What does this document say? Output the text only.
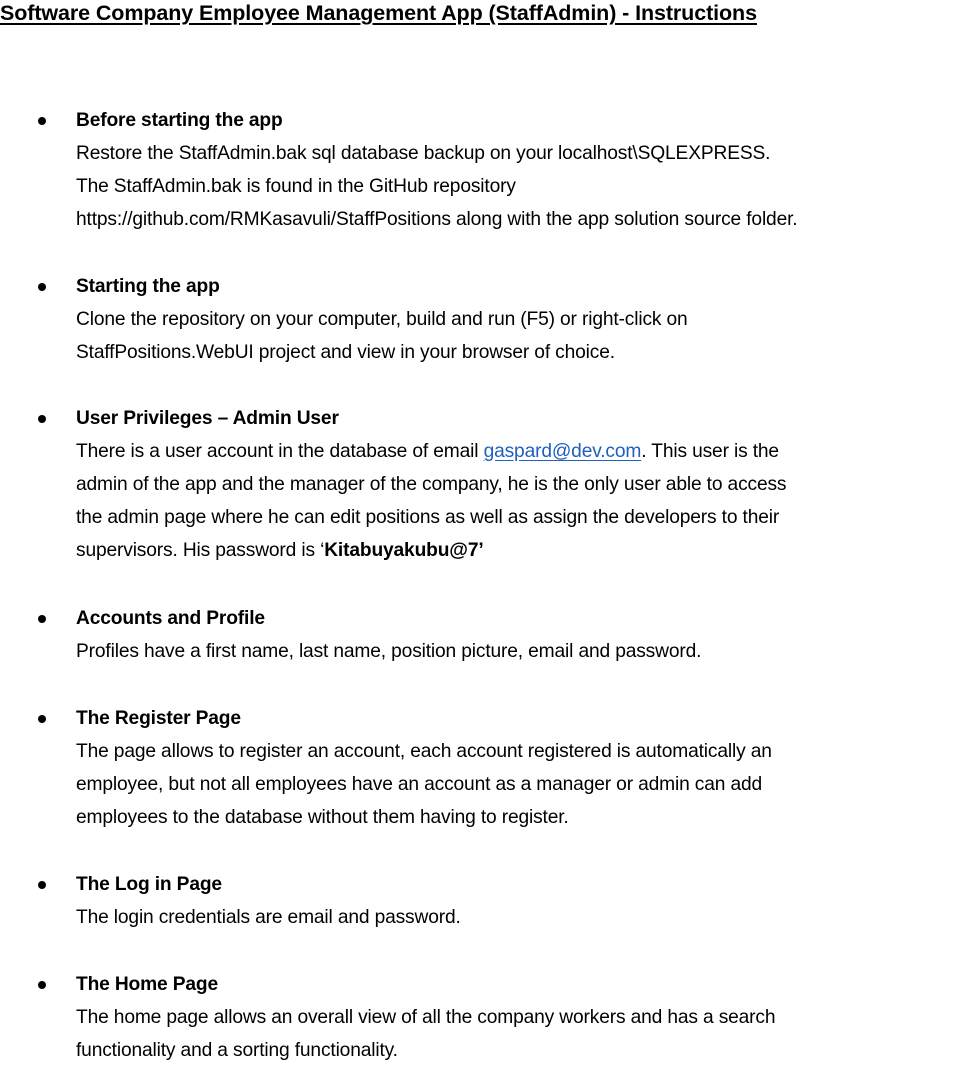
Software Company Employee Management App (StaffAdmin) - Instructions
Before starting the app
Restore the StaffAdmin.bak sql database backup on your localhost\SQLEXPRESS.
The StaffAdmin.bak is found in the GitHub repository
https://github.com/RMKasavuli/StaffPositions along with the app solution source folder.
Starting the app
Clone the repository on your computer, build and run (F5) or right-click on
StaffPositions.WebUI project and view in your browser of choice.
User Privileges – Admin User
There is a user account in the database of email gaspard@dev.com. This user is the
admin of the app and the manager of the company, he is the only user able to access
the admin page where he can edit positions as well as assign the developers to their
supervisors. His password is ‘Kitabuyakubu@7’
Accounts and Profile
Profiles have a first name, last name, position picture, email and password.
The Register Page
The page allows to register an account, each account registered is automatically an
employee, but not all employees have an account as a manager or admin can add
employees to the database without them having to register.
The Log in Page
The login credentials are email and password.
The Home Page
The home page allows an overall view of all the company workers and has a search
functionality and a sorting functionality.
